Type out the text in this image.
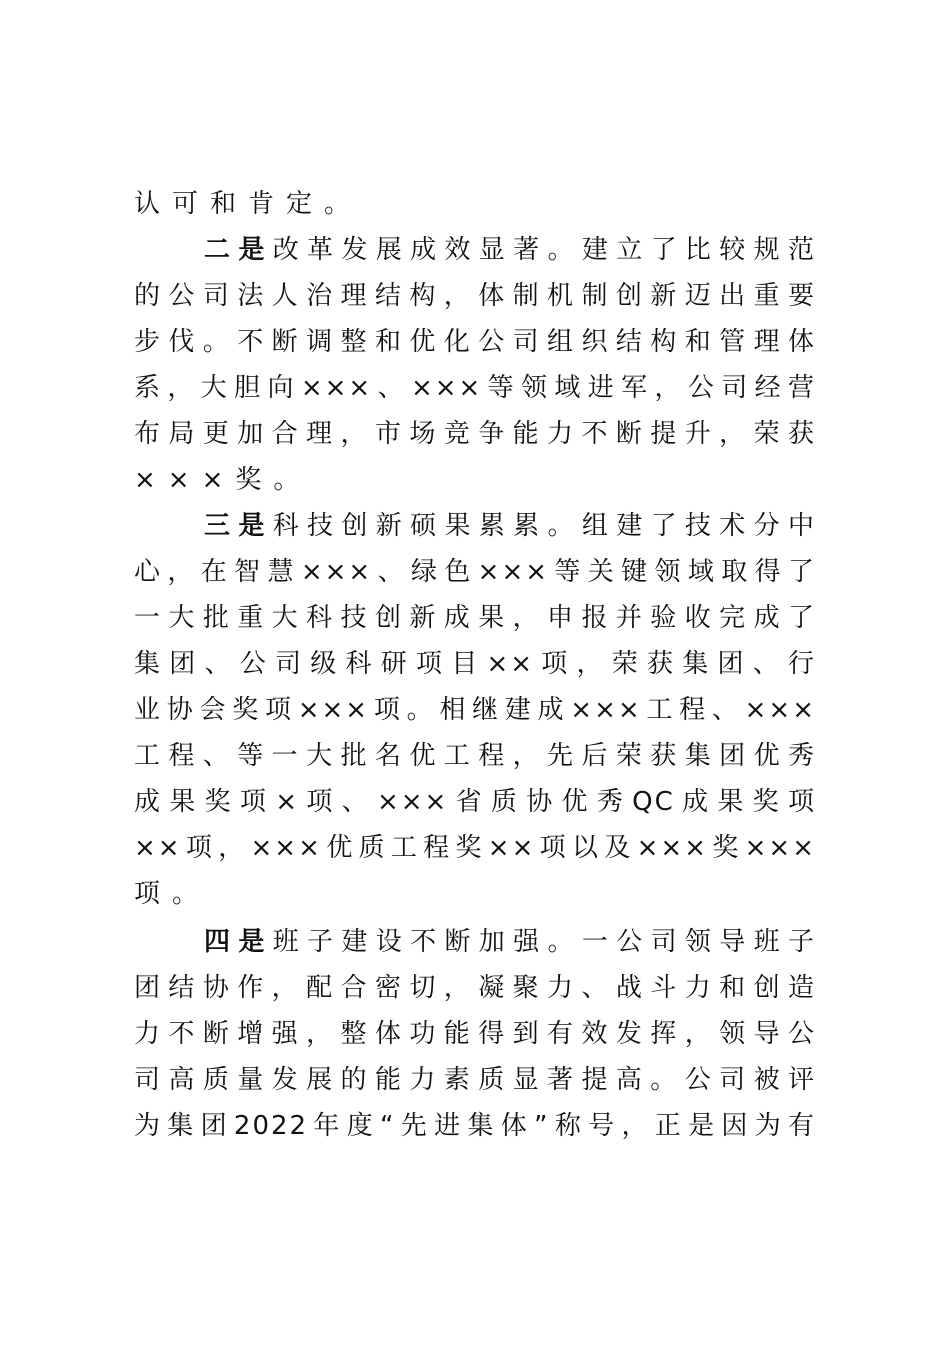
认可和肯定。
二是改革发展成效显著。建立了比较规范
的公司法人治理结构，体制机制创新迈出重要
步伐。不断调整和优化公司组织结构和管理体
系，大胆向×××、×××等领域进军，公司经营
布局更加合理，市场竞争能力不断提升，荣获
×××奖。
三是科技创新硕果累累。组建了技术分中
心，在智慧×××、绿色×××等关键领域取得了
一大批重大科技创新成果，申报并验收完成了
集团、公司级科研项目××项，荣获集团、行
业协会奖项×××项。相继建成×××工程、×××
工程、等一大批名优工程，先后荣获集团优秀
成果奖项×项、×××省质协优秀QC成果奖项
××项，×××优质工程奖××项以及×××奖×××
项。
四是班子建设不断加强。一公司领导班子
团结协作，配合密切，凝聚力、战斗力和创造
力不断增强，整体功能得到有效发挥，领导公
司高质量发展的能力素质显著提高。公司被评
为集团2022年度“先进集体”称号，正是因为有
